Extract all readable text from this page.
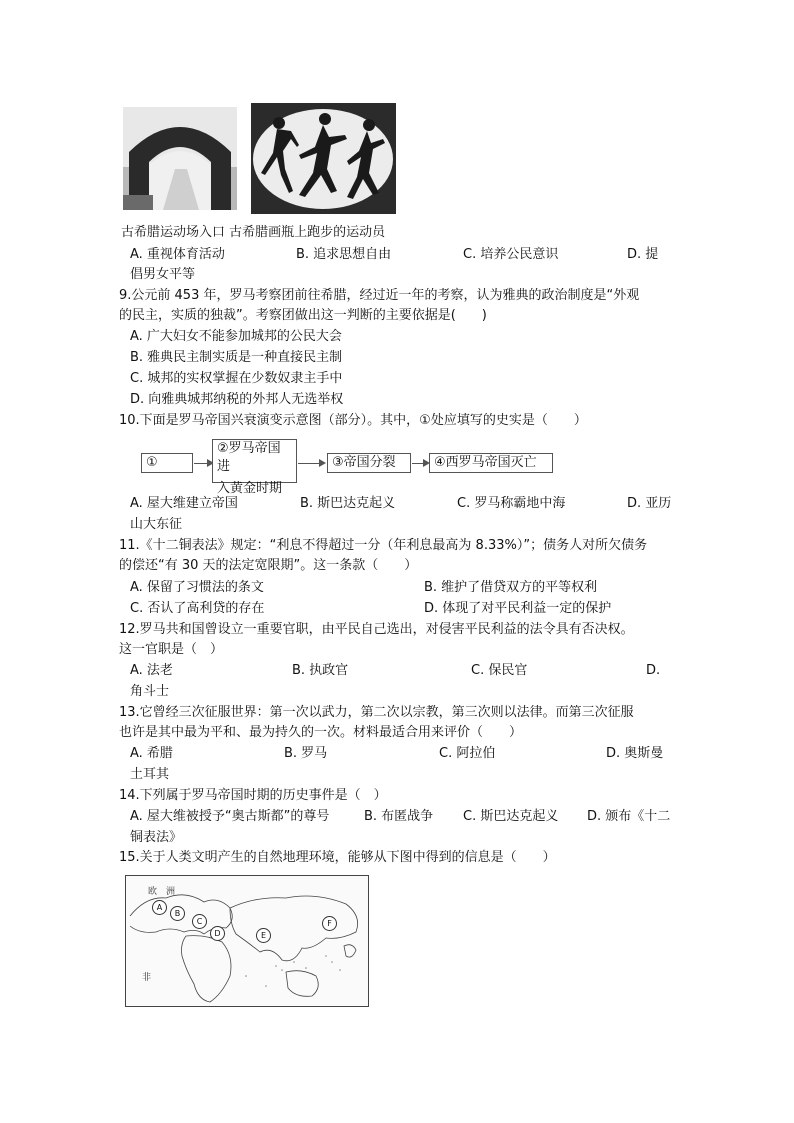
古希腊运动场入口 古希腊画瓶上跑步的运动员
A. 重视体育活动	B. 追求思想自由	C. 培养公民意识	D. 提
倡男女平等
9.公元前 453 年，罗马考察团前往希腊，经过近一年的考察，认为雅典的政治制度是“外观
的民主，实质的独裁”。考察团做出这一判断的主要依据是(　　)
A. 广大妇女不能参加城邦的公民大会
B. 雅典民主制实质是一种直接民主制
C. 城邦的实权掌握在少数奴隶主手中
D. 向雅典城邦纳税的外邦人无选举权
10.下面是罗马帝国兴衰演变示意图（部分）。其中，①处应填写的史实是（　　）
①
②罗马帝国进
入黄金时期
③帝国分裂	④西罗马帝国灭亡
A. 屋大维建立帝国	B. 斯巴达克起义	C. 罗马称霸地中海	D. 亚历
山大东征
11.《十二铜表法》规定：“利息不得超过一分（年利息最高为 8.33%）”；债务人对所欠债务
的偿还“有 30 天的法定宽限期”。这一条款（　　）
A. 保留了习惯法的条文	B. 维护了借贷双方的平等权利
C. 否认了高利贷的存在	D. 体现了对平民利益一定的保护
12.罗马共和国曾设立一重要官职，由平民自己选出，对侵害平民利益的法令具有否决权。
这一官职是（　）
A. 法老	B. 执政官	C. 保民官	D.
角斗士
13.它曾经三次征服世界：第一次以武力，第二次以宗教，第三次则以法律。而第三次征服
也许是其中最为平和、最为持久的一次。材料最适合用来评价（　　）
A. 希腊	B. 罗马	C. 阿拉伯	D. 奥斯曼
土耳其
14.下列属于罗马帝国时期的历史事件是（　）
A. 屋大维被授予“奥古斯都”的尊号	B. 布匿战争 C. 斯巴达克起义 D. 颁布《十二
铜表法》
15.关于人类文明产生的自然地理环境，能够从下图中得到的信息是（　　）
欧　洲
非
A
B
C
D	E
F
